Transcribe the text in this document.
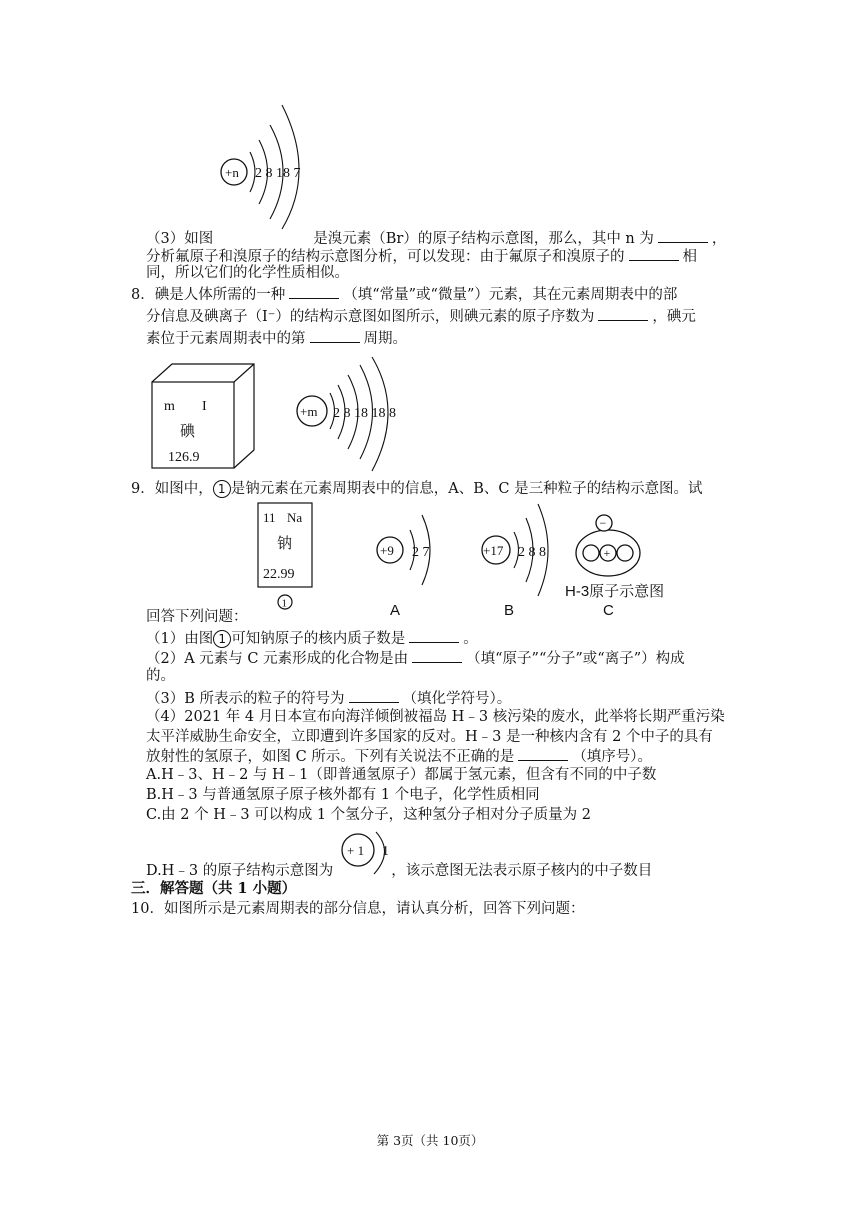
+n 2 8 18 7
（3）如图	是溴元素（Br）的原子结构示意图，那么，其中 n 为	，
分析氟原子和溴原子的结构示意图分析，可以发现：由于氟原子和溴原子的	相
同，所以它们的化学性质相似。
8．碘是人体所需的一种	（填“常量”或“微量”）元素，其在元素周期表中的部
分信息及碘离子（I⁻）的结构示意图如图所示，则碘元素的原子序数为	，碘元
素位于元素周期表中的第	周期。
m I
碘
126.9
+m 2 8 18 18 8
9．如图中， 1 是钠元素在元素周期表中的信息，A、B、C 是三种粒子的结构示意图。试
11 Na
钠
22.99
1
+9 2 7
A
+17 2 8 8
B
−
+
H-3原子示意图
C
回答下列问题：
（1）由图 1 可知钠原子的核内质子数是	。
（2）A 元素与 C 元素形成的化合物是由	（填“原子”“分子”或“离子”）构成
的。
（3）B 所表示的粒子的符号为	（填化学符号）。
（4）2021 年 4 月日本宣布向海洋倾倒被福岛 H﹣3 核污染的废水，此举将长期严重污染
太平洋威胁生命安全，立即遭到许多国家的反对。H﹣3 是一种核内含有 2 个中子的具有
放射性的氢原子，如图 C 所示。下列有关说法不正确的是	（填序号）。
A.H﹣3、H﹣2 与 H﹣1（即普通氢原子）都属于氢元素，但含有不同的中子数
B.H﹣3 与普通氢原子原子核外都有 1 个电子，化学性质相同
C.由 2 个 H﹣3 可以构成 1 个氢分子，这种氢分子相对分子质量为 2
+ 1 1
D.H﹣3 的原子结构示意图为	，该示意图无法表示原子核内的中子数目
三．解答题（共 1 小题）
10．如图所示是元素周期表的部分信息，请认真分析，回答下列问题：
第 3页（共 10页）
